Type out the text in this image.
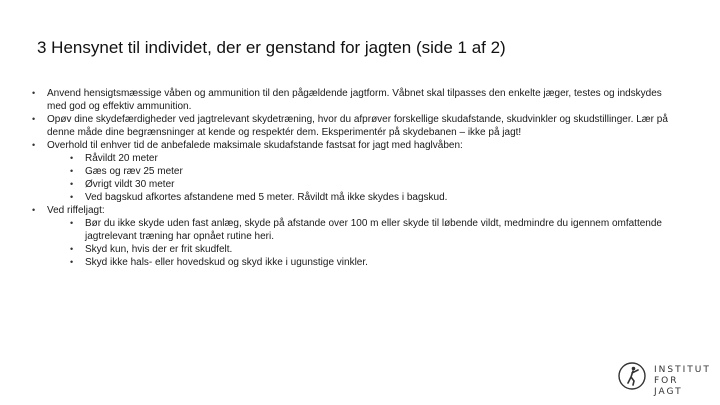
3 Hensynet til individet, der er genstand for jagten (side 1 af 2)
• Anvend hensigtsmæssige våben og ammunition til den pågældende jagtform. Våbnet skal tilpasses den enkelte jæger, testes og indskydes med god og effektiv ammunition.
• Opøv dine skydefærdigheder ved jagtrelevant skydetræning, hvor du afprøver forskellige skudafstande, skudvinkler og skudstillinger. Lær på denne måde dine begrænsninger at kende og respektér dem. Eksperimentér på skydebanen – ikke på jagt!
• Overhold til enhver tid de anbefalede maksimale skudafstande fastsat for jagt med haglvåben:
• Råvildt 20 meter
• Gæs og ræv 25 meter
• Øvrigt vildt 30 meter
• Ved bagskud afkortes afstandene med 5 meter. Råvildt må ikke skydes i bagskud.
• Ved riffeljagt:
• Bør du ikke skyde uden fast anlæg, skyde på afstande over 100 m eller skyde til løbende vildt, medmindre du igennem omfattende jagtrelevant træning har opnået rutine heri.
• Skyd kun, hvis der er frit skudfelt.
• Skyd ikke hals- eller hovedskud og skyd ikke i ugunstige vinkler.
INSTITUT
FOR JAGT
